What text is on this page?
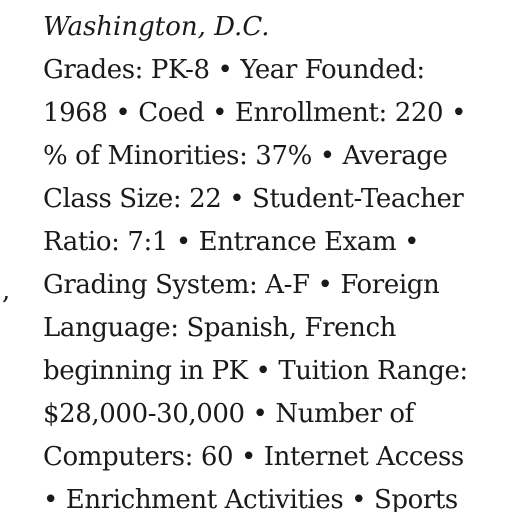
,
Washington, D.C.
Grades: PK-8 • Year Founded:
1968 • Coed • Enrollment: 220 •
% of Minorities: 37% • Average
Class Size: 22 • Student-Teacher
Ratio: 7:1 • Entrance Exam •
Grading System: A-F • Foreign
Language: Spanish, French
beginning in PK • Tuition Range:
$28,000-30,000 • Number of
Computers: 60 • Internet Access
• Enrichment Activities • Sports
